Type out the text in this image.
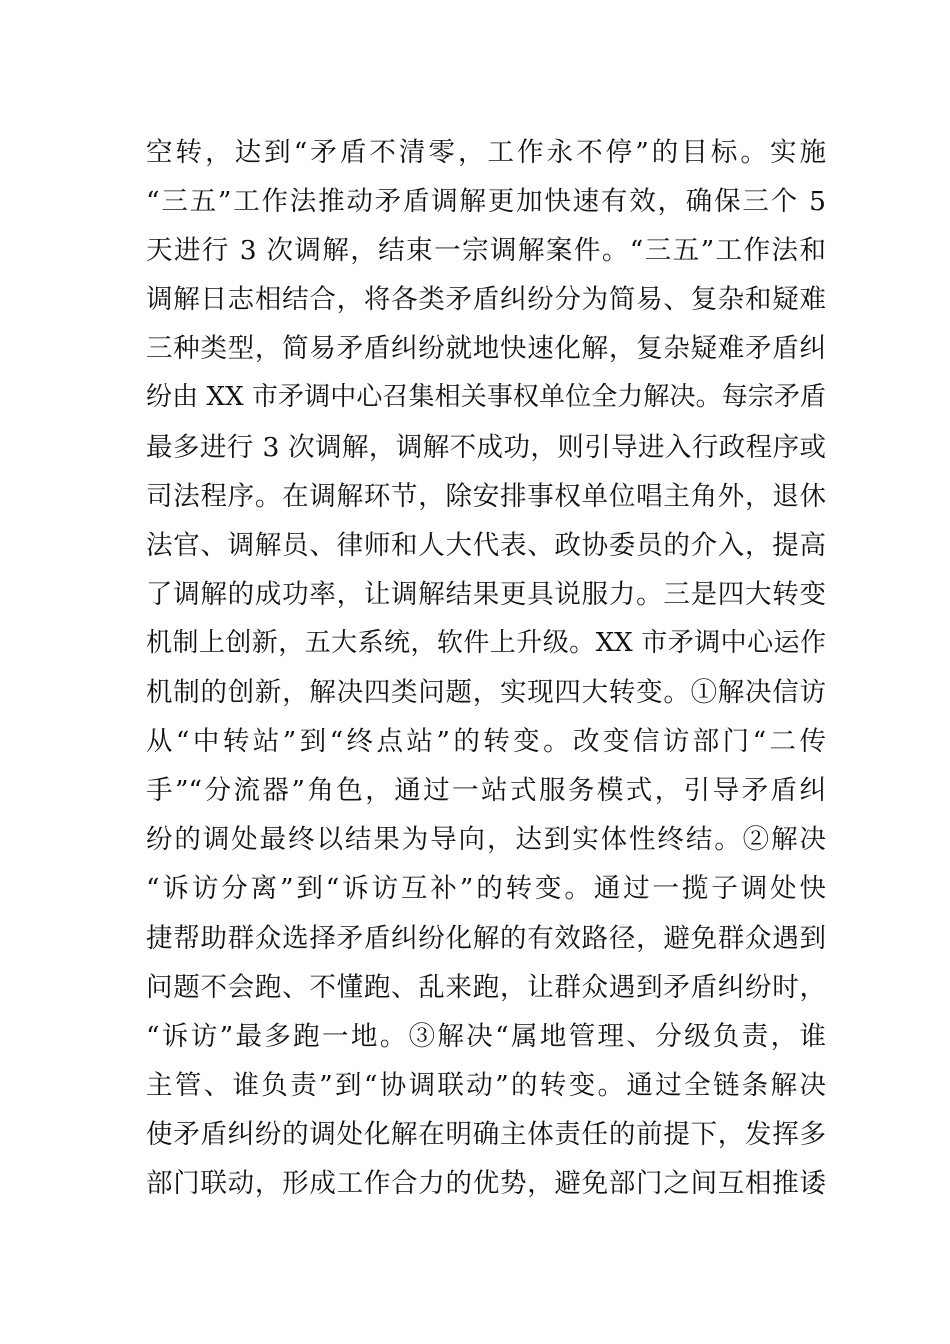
空转，达到“矛盾不清零，工作永不停”的目标。实施
“三五”工作法推动矛盾调解更加快速有效，确保三个 5
天进行 3 次调解，结束一宗调解案件。“三五”工作法和
调解日志相结合，将各类矛盾纠纷分为简易、复杂和疑难
三种类型，简易矛盾纠纷就地快速化解，复杂疑难矛盾纠
纷由 XX 市矛调中心召集相关事权单位全力解决。每宗矛盾
最多进行 3 次调解，调解不成功，则引导进入行政程序或
司法程序。在调解环节，除安排事权单位唱主角外，退休
法官、调解员、律师和人大代表、政协委员的介入，提高
了调解的成功率，让调解结果更具说服力。三是四大转变
机制上创新，五大系统，软件上升级。XX 市矛调中心运作
机制的创新，解决四类问题，实现四大转变。①解决信访
从“中转站”到“终点站”的转变。改变信访部门“二传
手”“分流器”角色，通过一站式服务模式，引导矛盾纠
纷的调处最终以结果为导向，达到实体性终结。②解决
“诉访分离”到“诉访互补”的转变。通过一揽子调处快
捷帮助群众选择矛盾纠纷化解的有效路径，避免群众遇到
问题不会跑、不懂跑、乱来跑，让群众遇到矛盾纠纷时，
“诉访”最多跑一地。③解决“属地管理、分级负责，谁
主管、谁负责”到“协调联动”的转变。通过全链条解决
使矛盾纠纷的调处化解在明确主体责任的前提下，发挥多
部门联动，形成工作合力的优势，避免部门之间互相推诿
